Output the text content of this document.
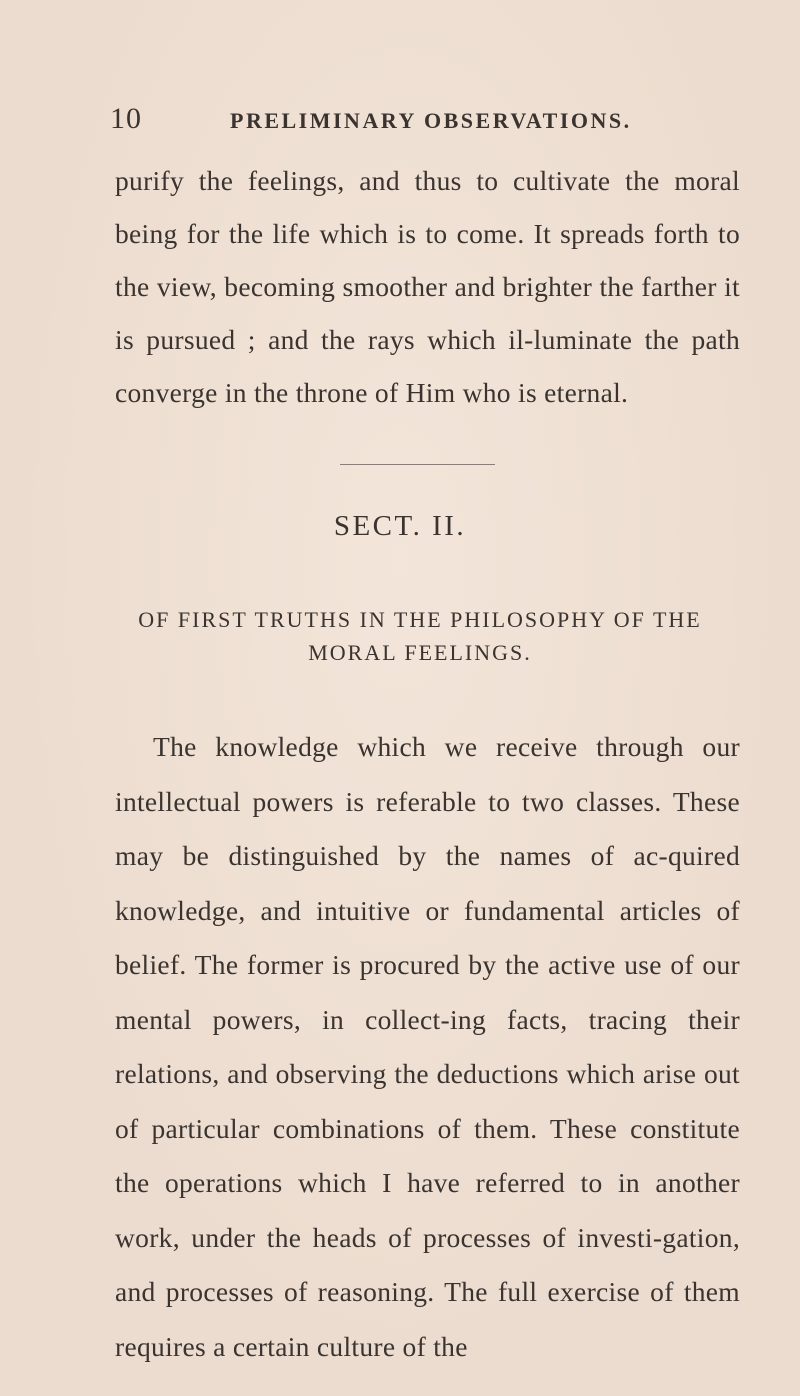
10	PRELIMINARY OBSERVATIONS.

purify the feelings, and thus to cultivate the moral being for the life which is to come. It spreads forth to the view, becoming smoother and brighter the farther it is pursued ; and the rays which il-luminate the path converge in the throne of Him who is eternal.

SECT. II.
OF FIRST TRUTHS IN THE PHILOSOPHY OF THE
MORAL FEELINGS.

The knowledge which we receive through our intellectual powers is referable to two classes. These may be distinguished by the names of ac-quired knowledge, and intuitive or fundamental articles of belief. The former is procured by the active use of our mental powers, in collect-ing facts, tracing their relations, and observing the deductions which arise out of particular combinations of them. These constitute the operations which I have referred to in another work, under the heads of processes of investi-gation, and processes of reasoning. The full exercise of them requires a certain culture of the
